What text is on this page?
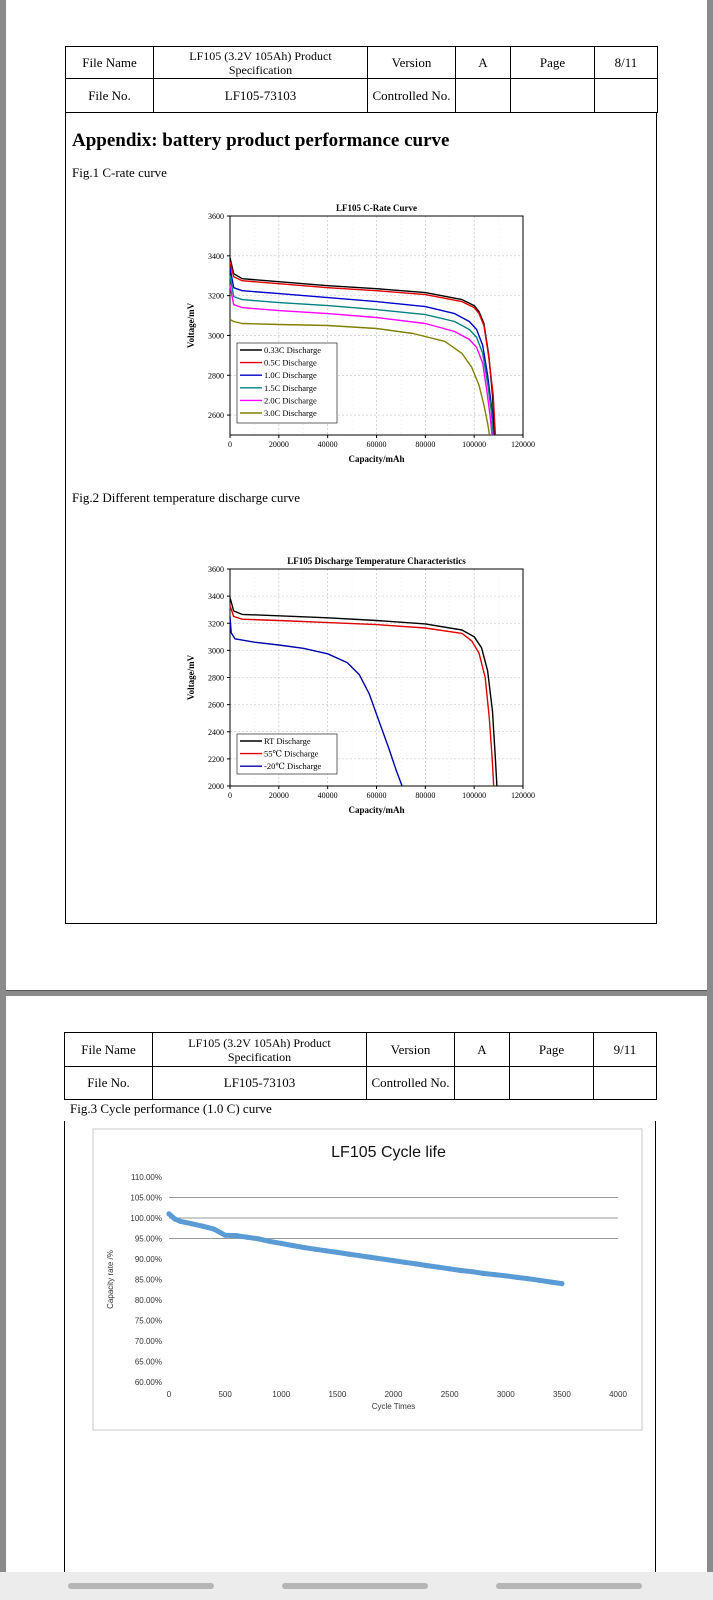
File Name	LF105 (3.2V 105Ah) Product Specification	Version	A	Page	8/11
File No.	LF105-73103	Controlled No.			
Appendix: battery product performance curve
Fig.1 C-rate curve
Fig.2 Different temperature discharge curve
0	20000	40000	60000	80000	100000	120000
2600
2800
3000
3200
3400
3600
LF105 C-Rate Curve
Capacity/mAh
Voltage/mV
0.33C Discharge
0.5C Discharge
1.0C Discharge
1.5C Discharge
2.0C Discharge
3.0C Discharge
0	20000	40000	60000	80000	100000	120000
2000
2200
2400
2600
2800
3000
3200
3400
3600
LF105 Discharge Temperature Characteristics
Capacity/mAh
Voltage/mV
RT Discharge
55℃ Discharge
-20℃ Discharge
File Name	LF105 (3.2V 105Ah) Product Specification	Version	A	Page	9/11
File No.	LF105-73103	Controlled No.			
Fig.3 Cycle performance (1.0 C) curve
60.00%
65.00%
70.00%
75.00%
80.00%
85.00%
90.00%
95.00%
100.00%
105.00%
110.00%
0	500	1000	1500	2000	2500	3000	3500	4000
LF105 Cycle life
Cycle Times
Capacity rate /%
